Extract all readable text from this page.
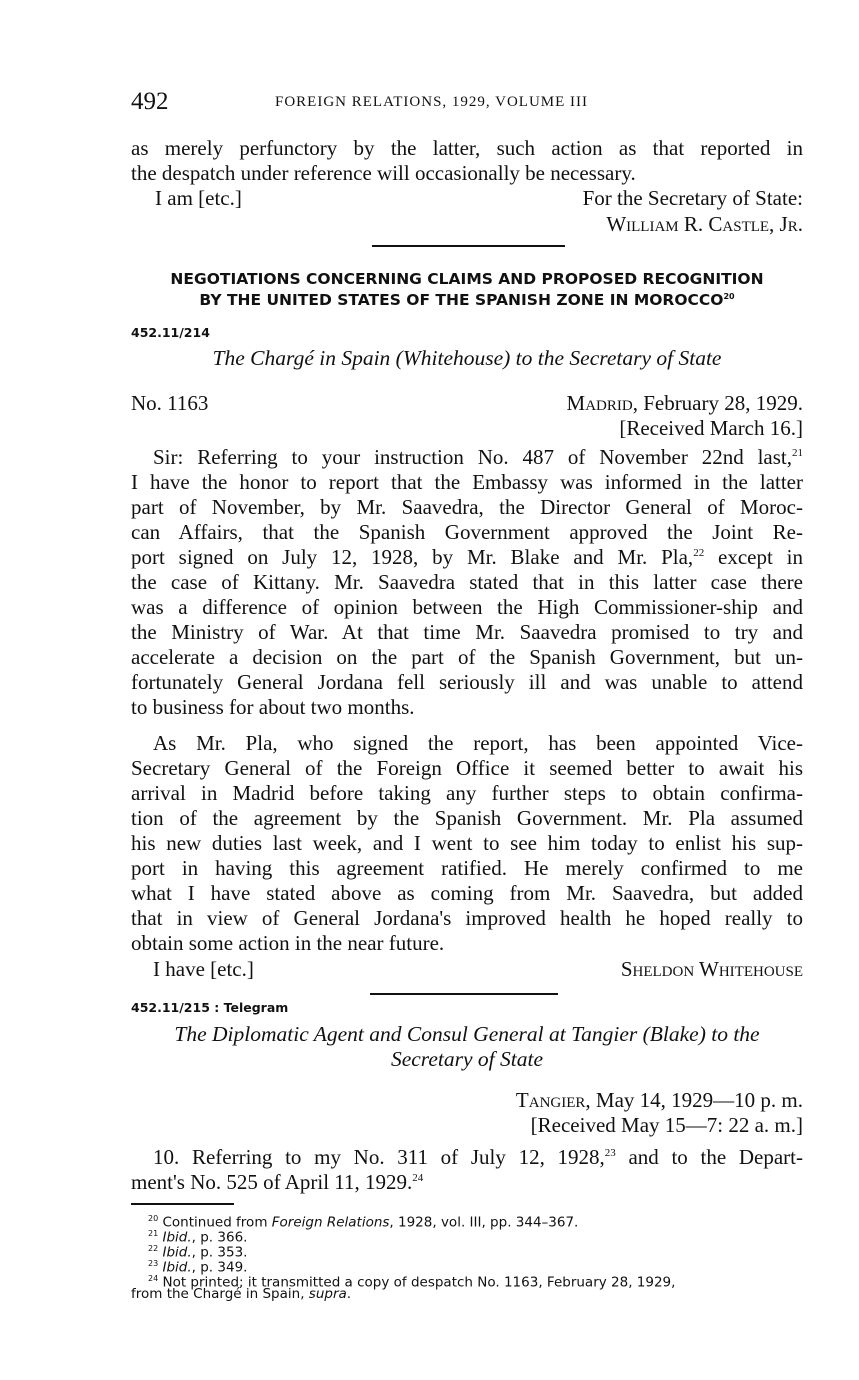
492	FOREIGN RELATIONS, 1929, VOLUME III
as merely perfunctory by the latter, such action as that reported in
the despatch under reference will occasionally be necessary.
I am [etc.]	For the Secretary of State:
William R. Castle, Jr.
NEGOTIATIONS CONCERNING CLAIMS AND PROPOSED RECOGNITION
BY THE UNITED STATES OF THE SPANISH ZONE IN MOROCCO$^{20}$
452.11/214
The Chargé in Spain (Whitehouse) to the Secretary of State
No. 1163	Madrid, February 28, 1929.
[Received March 16.]
Sir: Referring to your instruction No. 487 of November 22nd last,$^{21}$
I have the honor to report that the Embassy was informed in the latter
part of November, by Mr. Saavedra, the Director General of Moroc-
can Affairs, that the Spanish Government approved the Joint Re-
port signed on July 12, 1928, by Mr. Blake and Mr. Pla,$^{22}$ except in
the case of Kittany. Mr. Saavedra stated that in this latter case there
was a difference of opinion between the High Commissioner-ship and
the Ministry of War. At that time Mr. Saavedra promised to try and
accelerate a decision on the part of the Spanish Government, but un-
fortunately General Jordana fell seriously ill and was unable to attend
to business for about two months.
As Mr. Pla, who signed the report, has been appointed Vice-
Secretary General of the Foreign Office it seemed better to await his
arrival in Madrid before taking any further steps to obtain confirma-
tion of the agreement by the Spanish Government. Mr. Pla assumed
his new duties last week, and I went to see him today to enlist his sup-
port in having this agreement ratified. He merely confirmed to me
what I have stated above as coming from Mr. Saavedra, but added
that in view of General Jordana's improved health he hoped really to
obtain some action in the near future.
I have [etc.]	Sheldon Whitehouse
452.11/215 : Telegram
The Diplomatic Agent and Consul General at Tangier (Blake) to the
Secretary of State
Tangier, May 14, 1929—10 p. m.
[Received May 15—7: 22 a. m.]
10. Referring to my No. 311 of July 12, 1928,23 and to the Depart-
ment's No. 525 of April 11, 1929.24
$^{20}$ Continued from Foreign Relations, 1928, vol. III, pp. 344–367.
$^{21}$ Ibid., p. 366.
$^{22}$ Ibid., p. 353.
$^{23}$ Ibid., p. 349.
$^{24}$ Not printed; it transmitted a copy of despatch No. 1163, February 28, 1929,
from the Chargé in Spain, supra.
